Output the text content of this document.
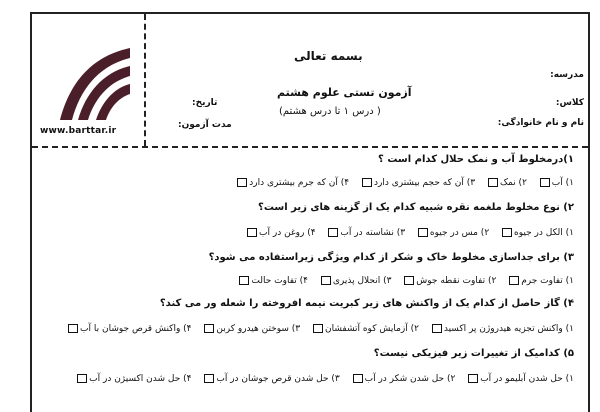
www.barttar.ir
بسمه تعالی
آزمون تستی علوم هشتم
(درس ۱ تا درس هشتم )
مدرسه:
کلاس:
نام و نام خانوادگی:
تاریخ:
مدت آزمون:
۱)درمخلوط آب و نمک حلال کدام است ؟
۱) آب ۲) نمک ۳) آن که حجم بیشتری دارد ۴) آن که جرم بیشتری دارد
۲) نوع مخلوط ملغمه نقره شبیه کدام یک از گزینه های زیر است؟
۱) الکل در جیوه ۲) مس در جیوه ۳) نشاسته در آب ۴) روغن در آب
۳) برای جداسازی مخلوط خاک و شکر از کدام ویژگی زیراستفاده می شود؟
۱) تفاوت جرم ۲) تفاوت نقطه جوش ۳) انحلال پذیری ۴) تفاوت حالت
۴) گاز حاصل از کدام یک از واکنش های زیر کبریت نیمه افروخته را شعله ور می کند؟
۱) واکنش تجزیه هیدروژن پر اکسید ۲) آزمایش کوه آتشفشان ۳) سوختن هیدرو کربن ۴) واکنش قرص جوشان با آب
۵) کدامیک از تغییرات زیر فیزیکی نیست؟
۱) حل شدن آبلیمو در آب ۲) حل شدن شکر در آب ۳) حل شدن قرص جوشان در آب ۴) حل شدن اکسیژن در آب
